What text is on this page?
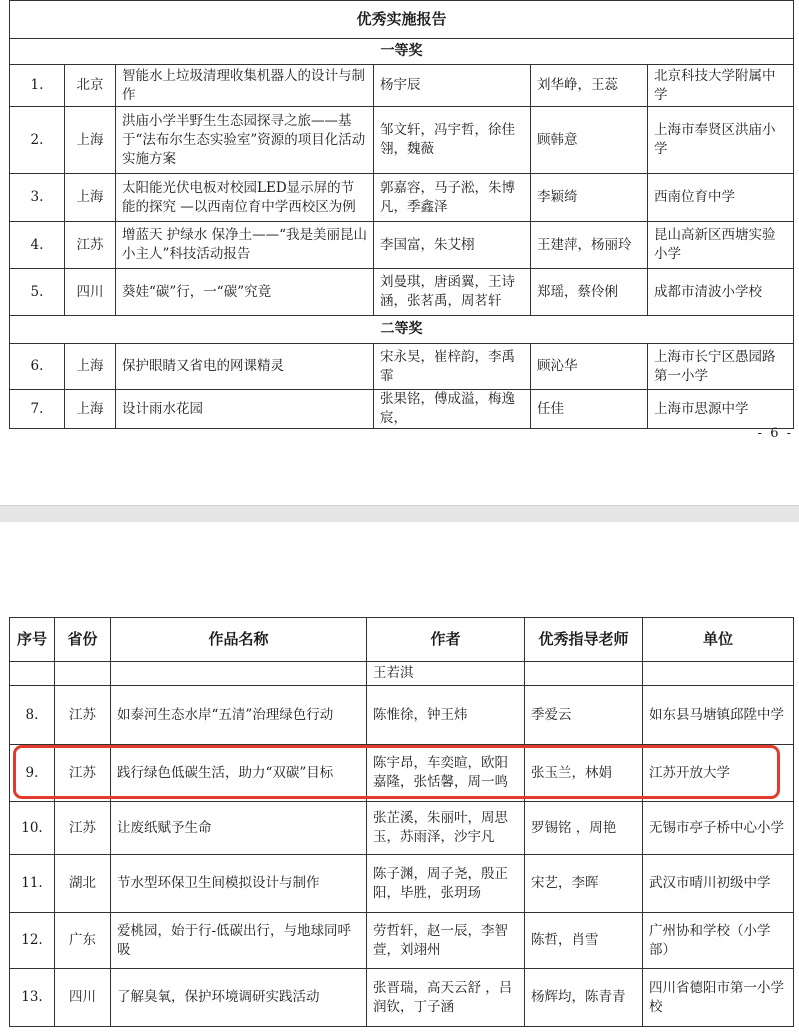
优秀实施报告					
一等奖					
1.	北京	智能水上垃圾清理收集机器人的设计与制作	杨宇辰	刘华峥，王蕊	北京科技大学附属中学
2.	上海	洪庙小学半野生生态园探寻之旅——基于“法布尔生态实验室”资源的项目化活动实施方案	邹文轩，冯宇哲，徐佳翎，魏薇	顾韩意	上海市奉贤区洪庙小学
3.	上海	太阳能光伏电板对校园LED显示屏的节能的探究 —以西南位育中学西校区为例	郭嘉容，马子淞，朱博凡，季鑫泽	李颖绮	西南位育中学
4.	江苏	增蓝天 护绿水 保净土——“我是美丽昆山小主人”科技活动报告	李国富，朱艾栩	王建萍，杨丽玲	昆山高新区西塘实验小学
5.	四川	葵娃“碳”行，一“碳”究竟	刘曼琪，唐函翼，王诗涵，张茗禹，周茗轩	郑瑶，蔡伶俐	成都市清波小学校
二等奖					
6.	上海	保护眼睛又省电的网课精灵	宋永昊，崔梓韵，李禹霏	顾沁华	上海市长宁区愚园路第一小学
7.	上海	设计雨水花园	张果铭，傅成溢，梅逸宸，	任佳	上海市思源中学
- 6 -
序号	省份	作品名称	作者	优秀指导老师	单位
			王若淇		
8.	江苏	如泰河生态水岸“五清”治理绿色行动	陈惟徐，钟王炜	季爱云	如东县马塘镇邱陞中学
9.	江苏	践行绿色低碳生活，助力“双碳”目标	陈宇昂，车奕暄，欧阳嘉隆，张恬馨，周一鸣	张玉兰，林娟	江苏开放大学
10.	江苏	让废纸赋予生命	张芷溪，朱丽叶，周思玉，苏雨泽，沙宇凡	罗锡铭 ，周艳	无锡市亭子桥中心小学
11.	湖北	节水型环保卫生间模拟设计与制作	陈子渊，周子尧，殷正阳，毕胜，张玥玚	宋艺，李晖	武汉市晴川初级中学
12.	广东	爱桃园，始于行-低碳出行，与地球同呼吸	劳哲轩，赵一辰，李智萱，刘翊州	陈哲，肖雪	广州协和学校（小学部）
13.	四川	了解臭氧，保护环境调研实践活动	张晋瑞，高天云舒 ，吕润钦，丁子涵	杨辉均，陈青青	四川省德阳市第一小学校
